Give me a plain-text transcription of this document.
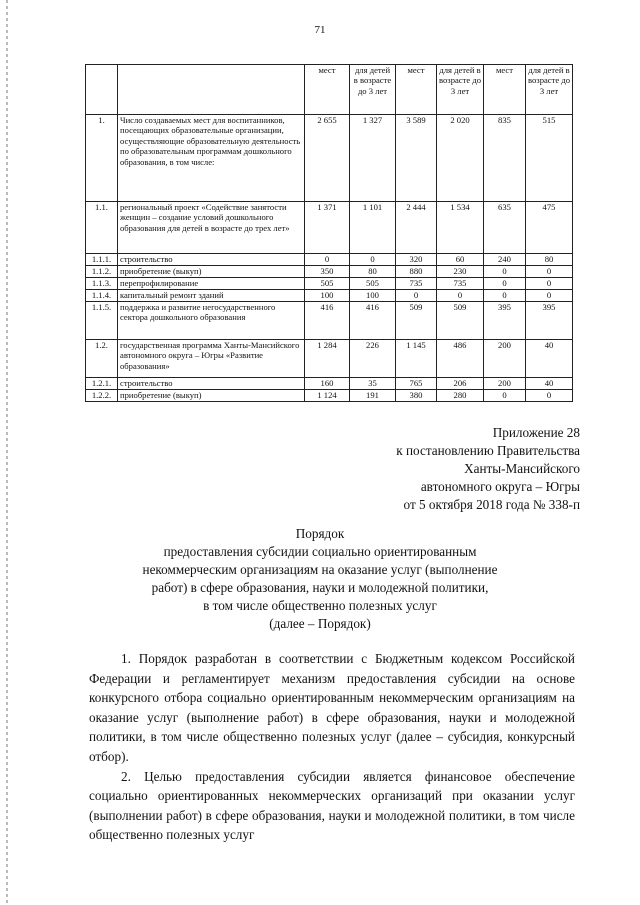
71
		мест	для детей в возрасте до 3 лет	мест	для детей в возрасте до 3 лет	мест	для детей в возрасте до 3 лет
1.	Число создаваемых мест для воспитанников, посещающих образовательные организации, осуществляющие образовательную деятельность по образовательным программам дошкольного образования, в том числе:	2 655	1 327	3 589	2 020	835	515
1.1.	региональный проект «Содействие занятости женщин – создание условий дошкольного образования для детей в возрасте до трех лет»	1 371	1 101	2 444	1 534	635	475
1.1.1.	строительство	0	0	320	60	240	80
1.1.2.	приобретение (выкуп)	350	80	880	230	0	0
1.1.3.	перепрофилирование	505	505	735	735	0	0
1.1.4.	капитальный ремонт зданий	100	100	0	0	0	0
1.1.5.	поддержка и развитие негосударственного сектора дошкольного образования	416	416	509	509	395	395
1.2.	государственная программа Ханты-Мансийского автономного округа – Югры «Развитие образования»	1 284	226	1 145	486	200	40
1.2.1.	строительство	160	35	765	206	200	40
1.2.2.	приобретение (выкуп)	1 124	191	380	280	0	0
Приложение 28
к постановлению Правительства
Ханты-Мансийского
автономного округа – Югры
от 5 октября 2018 года № 338-п
Порядок
предоставления субсидии социально ориентированным
некоммерческим организациям на оказание услуг (выполнение
работ) в сфере образования, науки и молодежной политики,
в том числе общественно полезных услуг
(далее – Порядок)

1. Порядок разработан в соответствии с Бюджетным кодексом Российской Федерации и регламентирует механизм предоставления субсидии на основе конкурсного отбора социально ориентированным некоммерческим организациям на оказание услуг (выполнение работ) в сфере образования, науки и молодежной политики, в том числе общественно полезных услуг (далее – субсидия, конкурсный отбор).

2. Целью предоставления субсидии является финансовое обеспечение социально ориентированных некоммерческих организаций при оказании услуг (выполнении работ) в сфере образования, науки и молодежной политики, в том числе общественно полезных услуг
